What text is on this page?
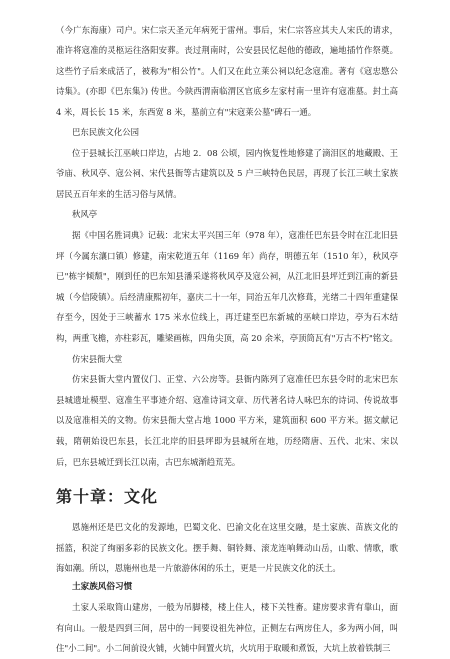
（今广东海康）司户。宋仁宗天圣元年病死于雷州。事后，宋仁宗答应其夫人宋氏的请求，准许将寇准的灵柩运往洛阳安葬。丧过荆南时，公安县民忆起他的德政，遍地插竹作祭奠。这些竹子后来成活了，被称为"相公竹"。人们又在此立莱公祠以纪念寇准。著有《寇忠愍公诗集》。(亦即《巴东集》) 传世。今陕西渭南临渭区官底乡左家村南一里许有寇准墓。封土高 4 米，周长长 15 米，东西宽 8 米，墓前立有"宋寇莱公墓"碑石一通。

巴东民族文化公园

位于县城长江巫峡口岸边，占地 2．08 公顷，园内恢复性地修建了滴泪区的地藏殿、王爷庙、秋风亭、寇公祠、宋代县衙等古建筑以及 5 户三峡特色民居，再现了长江三峡土家族居民五百年来的生活习俗与风情。

秋风亭

据《中国名胜词典》记载：北宋太平兴国三年（978 年），寇准任巴东县令时在江北旧县坪（今属东瀼口镇）修建，南宋乾道五年（1169 年）尚存，明德五年（1510 年），秋风亭已"栋宇倾颓"，刚到任的巴东知县潘采遂将秋风亭及寇公祠，从江北旧县坪迁到江南的新县城（今信陵镇）。后经清康熙初年，嘉庆二十一年，同治五年几次修葺，光绪二十四年重建保存至今，因处于三峡蓄水 175 米水位线上，再迁建至巴东新城的巫峡口岸边，亭为石木结构，两重飞檐，亦柱彩瓦，雕梁画栋，四角尖顶，高 20 余米，亭顶筒瓦有"万古不朽"铭文。

仿宋县衙大堂

仿宋县衙大堂内置仪门、正堂、六公房等。县衙内陈列了寇准任巴东县令时的北宋巴东县城遗址模型、寇准生平事迹介绍、寇准诗词文章、历代著名诗人咏巴东的诗词、传说故事以及寇准相关的文物。仿宋县衙大堂占地 1000 平方米，建筑面积 600 平方米。据文献记载，隋朝始设巴东县，长江北岸的旧县坪即为县城所在地，历经隋唐、五代、北宋、宋以后，巴东县城迁到长江以南，古巴东城渐趋荒芜。

第十章：文化

恩施州还是巴文化的发源地，巴蜀文化、巴渝文化在这里交融，是土家族、苗族文化的摇篮，积淀了绚丽多彩的民族文化。摆手舞、铜铃舞、滚龙连响舞动山岳，山歌、情歌，歌海如潮。所以，恩施州也是一片旅游休闲的乐土，更是一片民族文化的沃土。

土家族风俗习惯

土家人采取筒山建房，一般为吊脚楼，楼上住人，楼下关牲畜。建房要求背有靠山，面有向山。一般是四到三间，居中的一间要设祖先神位，正侧左右两房住人，多为两小间，叫住"小二间"。小二间前设火铺，火铺中间置火坑，火坑用于取暖和煮饭，大坑上放着铁制三
